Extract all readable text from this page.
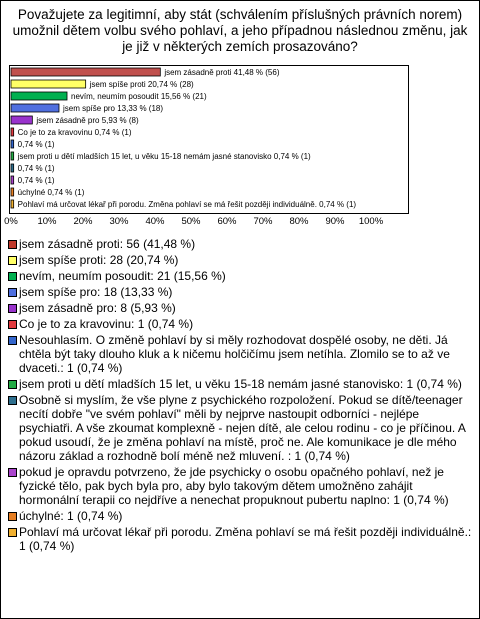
Považujete za legitimní, aby stát (schválením příslušných právních norem) umožnil dětem volbu svého pohlaví, a jeho případnou následnou změnu, jak je již v některých zemích prosazováno?
jsem zásadně proti 41,48 % (56)
jsem spíše proti 20,74 % (28)
nevím, neumím posoudit 15,56 % (21)
jsem spíše pro 13,33 % (18)
jsem zásadně pro 5,93 % (8)
Co je to za kravovinu 0,74 % (1)
0,74 % (1)
jsem proti u dětí mladších 15 let, u věku 15-18 nemám jasné stanovisko 0,74 % (1)
0,74 % (1)
0,74 % (1)
úchylné 0,74 % (1)
Pohlaví má určovat lékař při porodu. Změna pohlaví se má řešit později individuálně. 0,74 % (1)
0% 10% 20% 30% 40% 50% 60% 70% 80% 90% 100%
jsem zásadně proti: 56 (41,48 %)
jsem spíše proti: 28 (20,74 %)
nevím, neumím posoudit: 21 (15,56 %)
jsem spíše pro: 18 (13,33 %)
jsem zásadně pro: 8 (5,93 %)
Co je to za kravovinu: 1 (0,74 %)
Nesouhlasím. O změně pohlaví by si měly rozhodovat dospělé osoby, ne děti. Já chtěla být taky dlouho kluk a k ničemu holčičímu jsem netíhla. Zlomilo se to až ve dvaceti.: 1 (0,74 %)
jsem proti u dětí mladších 15 let, u věku 15-18 nemám jasné stanovisko: 1 (0,74 %)
Osobně si myslím, že vše plyne z psychického rozpoložení. Pokud se dítě/teenager necítí dobře "ve svém pohlaví" měli by nejprve nastoupit odborníci - nejlépe psychiatři. A vše zkoumat komplexně - nejen dítě, ale celou rodinu - co je příčinou. A pokud usoudí, že je změna pohlaví na místě, proč ne. Ale komunikace je dle mého názoru základ a rozhodně bolí méně než mluvení. : 1 (0,74 %)
pokud je opravdu potvrzeno, že jde psychicky o osobu opačného pohlaví, než je fyzické tělo, pak bych byla pro, aby bylo takovým dětem umožněno zahájit hormonální terapii co nejdříve a nenechat propuknout pubertu naplno: 1 (0,74 %)
úchylné: 1 (0,74 %)
Pohlaví má určovat lékař při porodu. Změna pohlaví se má řešit později individuálně.: 1 (0,74 %)
